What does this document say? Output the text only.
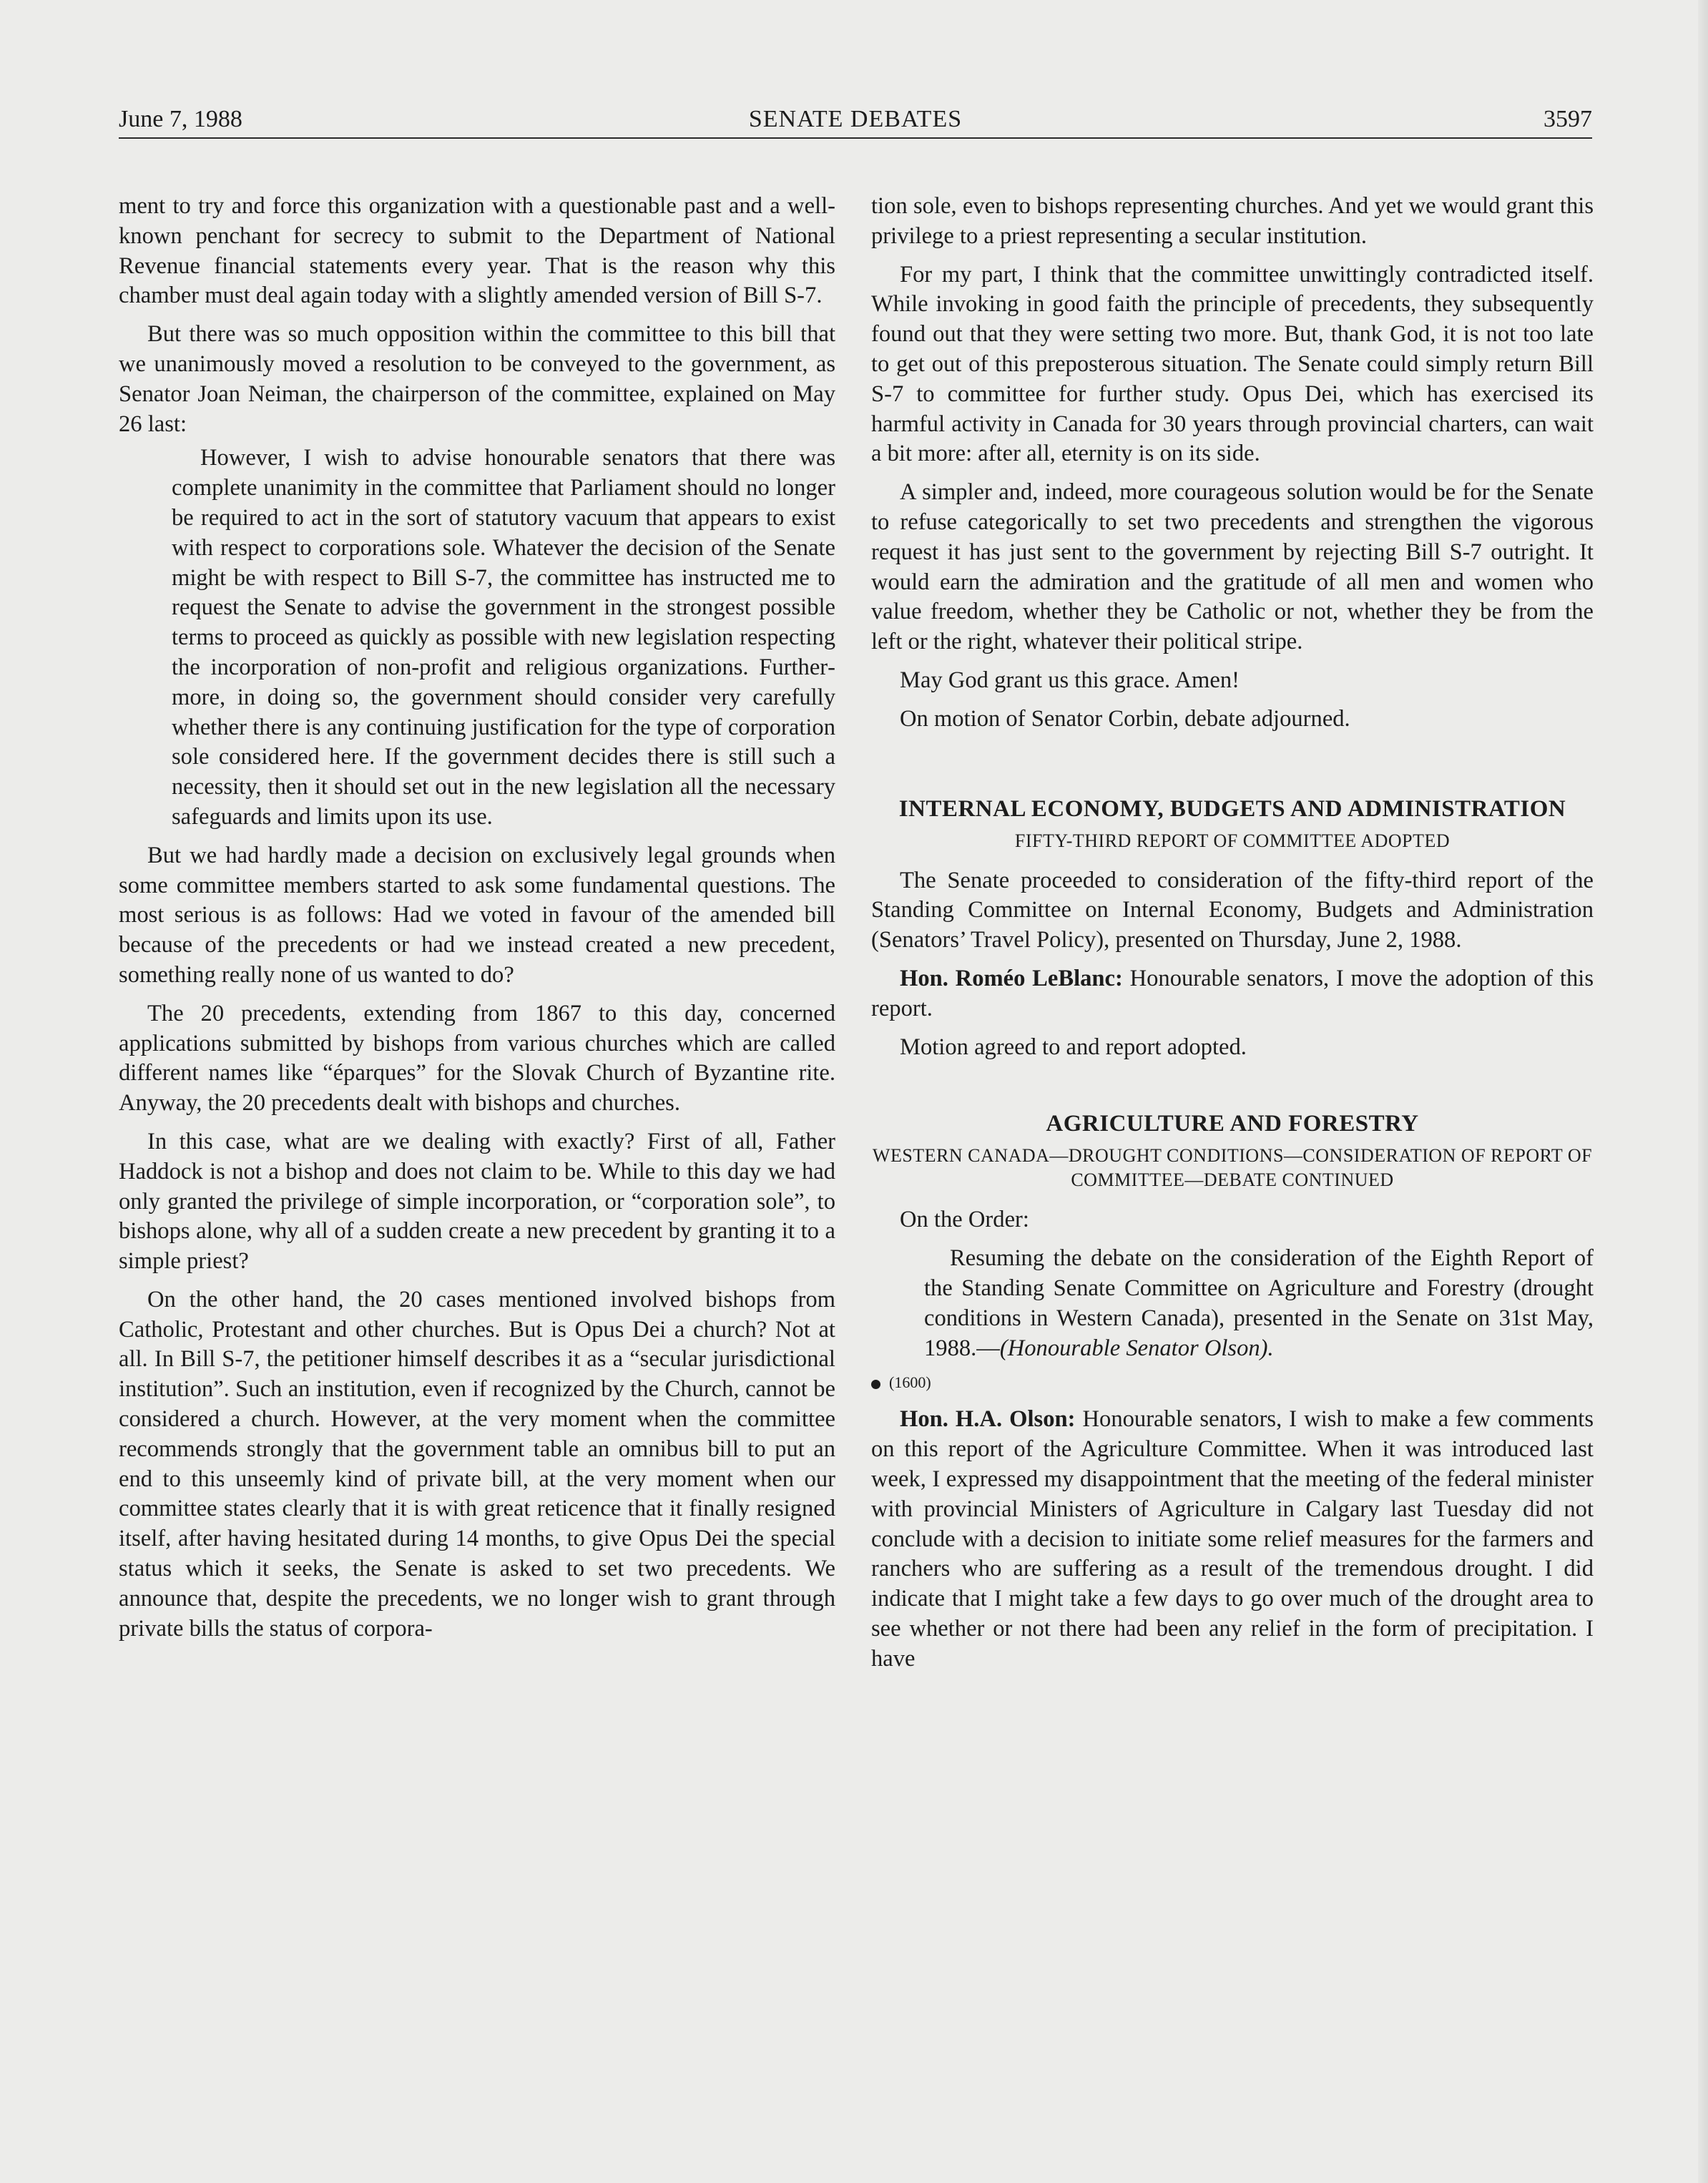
June 7, 1988	SENATE DEBATES	3597

ment to try and force this organization with a questionable past and a well-known penchant for secrecy to submit to the Department of National Revenue financial statements every year. That is the reason why this chamber must deal again today with a slightly amended version of Bill S-7.

But there was so much opposition within the committee to this bill that we unanimously moved a resolution to be conveyed to the government, as Senator Joan Neiman, the chairperson of the committee, explained on May 26 last:

However, I wish to advise honourable senators that there was complete unanimity in the committee that Parliament should no longer be required to act in the sort of statutory vacuum that appears to exist with respect to corporations sole. Whatever the decision of the Senate might be with respect to Bill S-7, the committee has instructed me to request the Senate to advise the government in the strongest possible terms to proceed as quickly as possible with new legislation respecting the incorporation of non-profit and religious organizations. Furthermore, in doing so, the government should consider very carefully whether there is any continuing justification for the type of corporation sole considered here. If the government decides there is still such a necessity, then it should set out in the new legislation all the necessary safeguards and limits upon its use.

But we had hardly made a decision on exclusively legal grounds when some committee members started to ask some fundamental questions. The most serious is as follows: Had we voted in favour of the amended bill because of the precedents or had we instead created a new precedent, something really none of us wanted to do?

The 20 precedents, extending from 1867 to this day, concerned applications submitted by bishops from various churches which are called different names like “éparques” for the Slovak Church of Byzantine rite. Anyway, the 20 precedents dealt with bishops and churches.

In this case, what are we dealing with exactly? First of all, Father Haddock is not a bishop and does not claim to be. While to this day we had only granted the privilege of simple incorporation, or “corporation sole”, to bishops alone, why all of a sudden create a new precedent by granting it to a simple priest?

On the other hand, the 20 cases mentioned involved bishops from Catholic, Protestant and other churches. But is Opus Dei a church? Not at all. In Bill S-7, the petitioner himself describes it as a “secular jurisdictional institution”. Such an institution, even if recognized by the Church, cannot be considered a church. However, at the very moment when the committee recommends strongly that the government table an omnibus bill to put an end to this unseemly kind of private bill, at the very moment when our committee states clearly that it is with great reticence that it finally resigned itself, after having hesitated during 14 months, to give Opus Dei the special status which it seeks, the Senate is asked to set two precedents. We announce that, despite the precedents, we no longer wish to grant through private bills the status of corpora-

tion sole, even to bishops representing churches. And yet we would grant this privilege to a priest representing a secular institution.

For my part, I think that the committee unwittingly contradicted itself. While invoking in good faith the principle of precedents, they subsequently found out that they were setting two more. But, thank God, it is not too late to get out of this preposterous situation. The Senate could simply return Bill S-7 to committee for further study. Opus Dei, which has exercised its harmful activity in Canada for 30 years through provincial charters, can wait a bit more: after all, eternity is on its side.

A simpler and, indeed, more courageous solution would be for the Senate to refuse categorically to set two precedents and strengthen the vigorous request it has just sent to the government by rejecting Bill S-7 outright. It would earn the admiration and the gratitude of all men and women who value freedom, whether they be Catholic or not, whether they be from the left or the right, whatever their political stripe.

May God grant us this grace. Amen!

On motion of Senator Corbin, debate adjourned.

INTERNAL ECONOMY, BUDGETS AND ADMINISTRATION
FIFTY-THIRD REPORT OF COMMITTEE ADOPTED

The Senate proceeded to consideration of the fifty-third report of the Standing Committee on Internal Economy, Budgets and Administration (Senators’ Travel Policy), presented on Thursday, June 2, 1988.

Hon. Roméo LeBlanc: Honourable senators, I move the adoption of this report.

Motion agreed to and report adopted.

AGRICULTURE AND FORESTRY
WESTERN CANADA—DROUGHT CONDITIONS—CONSIDERATION OF REPORT OF COMMITTEE—DEBATE CONTINUED

On the Order:

Resuming the debate on the consideration of the Eighth Report of the Standing Senate Committee on Agriculture and Forestry (drought conditions in Western Canada), presented in the Senate on 31st May, 1988.—(Honourable Senator Olson).

(1600)

Hon. H.A. Olson: Honourable senators, I wish to make a few comments on this report of the Agriculture Committee. When it was introduced last week, I expressed my disappointment that the meeting of the federal minister with provincial Ministers of Agriculture in Calgary last Tuesday did not conclude with a decision to initiate some relief measures for the farmers and ranchers who are suffering as a result of the tremendous drought. I did indicate that I might take a few days to go over much of the drought area to see whether or not there had been any relief in the form of precipitation. I have
